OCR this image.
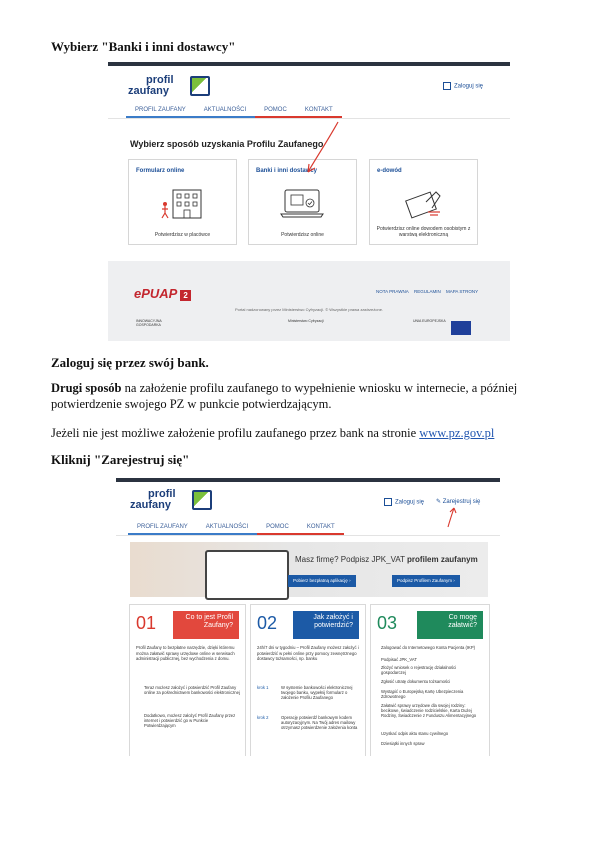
Wybierz "Banki i inni dostawcy"
profil
zaufany	Zaloguj się
PROFIL ZAUFANY	AKTUALNOŚCI	POMOC	KONTAKT
Wybierz sposób uzyskania Profilu Zaufanego
Formularz online
Potwierdzisz w placówce
Banki i inni dostawcy
Potwierdzisz online
e-dowód
Potwierdzisz online dowodem osobistym z warstwą elektroniczną
ePUAP 2	NOTA PRAWNA REGULAMIN MAPA STRONY
Portal nadzorowany przez Ministerstwo Cyfryzacji. © Wszystkie prawa zastrzeżone.
INNOWACYJNA GOSPODARKA
Ministerstwo Cyfryzacji	UNIA EUROPEJSKA
Zaloguj się przez swój bank.

Drugi sposób na założenie profilu zaufanego to wypełnienie wniosku w internecie, a później potwierdzenie swojego PZ w punkcie potwierdzającym.

Jeżeli nie jest możliwe założenie profilu zaufanego przez bank na stronie www.pz.gov.pl

Kliknij "Zarejestruj się"
profil
zaufany	Zaloguj się ✎ Zarejestruj się
PROFIL ZAUFANY	AKTUALNOŚCI	POMOC	KONTAKT
Masz firmę? Podpisz JPK_VAT profilem zaufanym
Pobierz bezpłatną aplikację ›	Podpisz Profilem Zaufanym ›
01	Co to jest Profil Zaufany?
Profil Zaufany to bezpłatne narzędzie, dzięki któremu można załatwić sprawy urzędowe online w serwisach administracji publicznej, bez wychodzenia z domu.
Teraz możesz założyć i potwierdzić Profil Zaufany online za pośrednictwem bankowości elektronicznej
Dodatkowo, możesz założyć Profil Zaufany przez internet i potwierdzić go w Punkcie Potwierdzającym
02	Jak założyć i potwierdzić?
24h/7 dni w tygodniu – Profil Zaufany możesz założyć i potwierdzić w pełni online przy pomocy zewnętrznego dostawcy tożsamości, np. banku
krok 1	W systemie bankowości elektronicznej twojego banku, wypełnij formularz o założenie Profilu Zaufanego
krok 2	Operację potwierdź bankowym kodem autoryzacyjnym. Na Twój adres mailowy otrzymasz potwierdzenie założenia konta
03	Co mogę załatwić?
Zalogować do Internetowego Konta Pacjenta (IKP)
Podpisać JPK_VAT
Złożyć wniosek o rejestrację działalności gospodarczej
Zgłosić utratę dokumentu tożsamości
Wystąpić o Europejską Kartę Ubezpieczenia Zdrowotnego
Załatwić sprawy urzędowe dla swojej rodziny: becikowe, świadczenie rodzicielskie, Karta Dużej Rodziny, Świadczenie z Funduszu Alimentacyjnego
Uzyskać odpis aktu stanu cywilnego
Dziesiątki innych spraw
